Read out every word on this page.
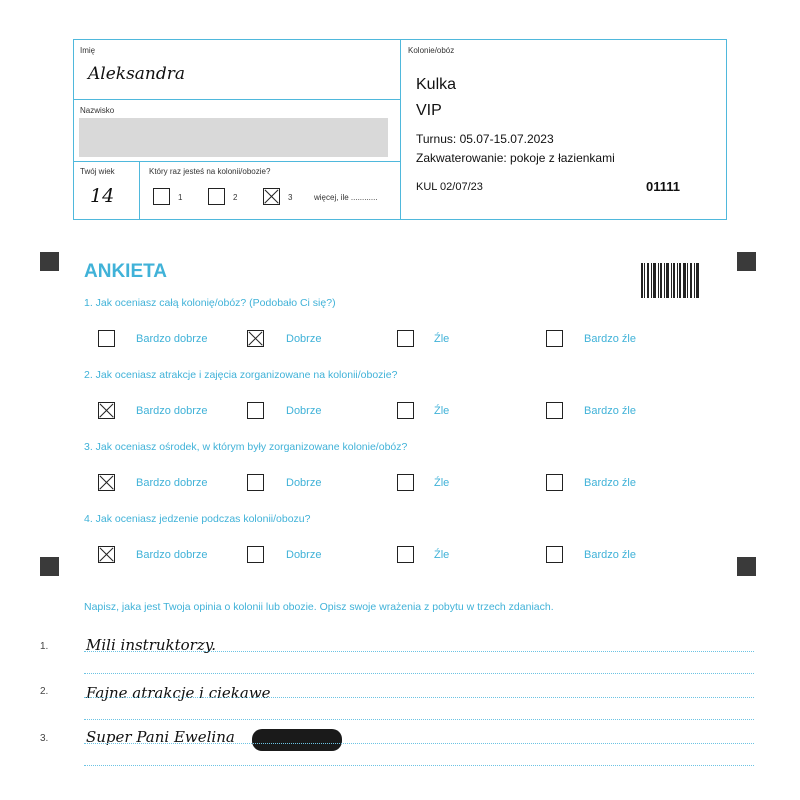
Imię
Aleksandra
Nazwisko
Twój wiek
14
Który raz jesteś na kolonii/obozie?
1	2	3	więcej, ile ............
Kolonie/obóz
Kulka
VIP
Turnus: 05.07-15.07.2023
Zakwaterowanie: pokoje z łazienkami
KUL 02/07/23	01111
ANKIETA
1. Jak oceniasz całą kolonię/obóz? (Podobało Ci się?)
Bardzo dobrze	Dobrze	Źle	Bardzo źle
2. Jak oceniasz atrakcje i zajęcia zorganizowane na kolonii/obozie?
Bardzo dobrze	Dobrze	Źle	Bardzo źle
3. Jak oceniasz ośrodek, w którym były zorganizowane kolonie/obóz?
Bardzo dobrze	Dobrze	Źle	Bardzo źle
4. Jak oceniasz jedzenie podczas kolonii/obozu?
Bardzo dobrze	Dobrze	Źle	Bardzo źle
Napisz, jaka jest Twoja opinia o kolonii lub obozie. Opisz swoje wrażenia z pobytu w trzech zdaniach.
1.	Mili instruktorzy.
2.	Fajne atrakcje i ciekawe
3.	Super Pani Ewelina
